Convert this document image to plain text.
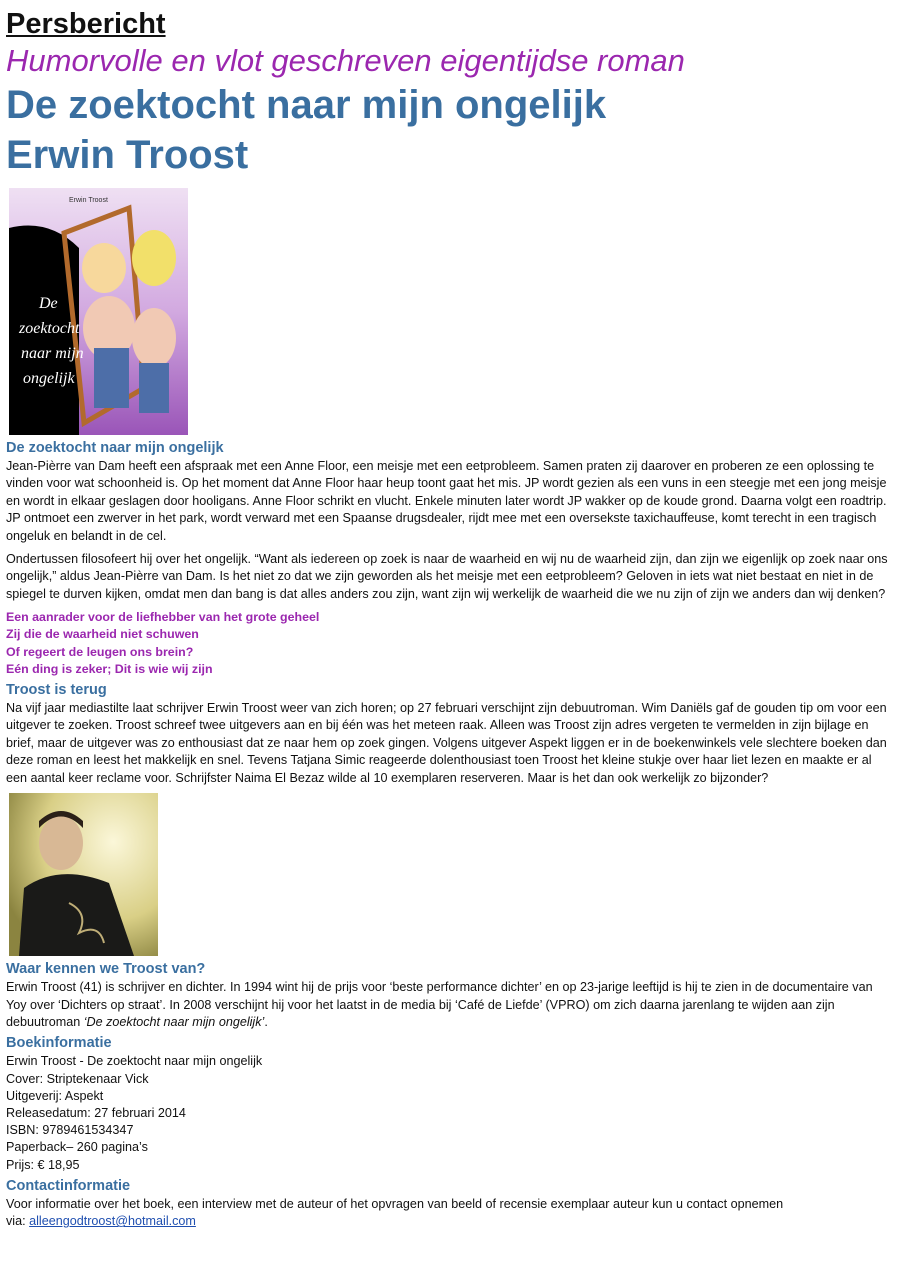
Persbericht
Humorvolle en vlot geschreven eigentijdse roman
De zoektocht naar mijn ongelijk
Erwin Troost
Erwin Troost
De
zoektocht
naar mijn
ongelijk
De zoektocht naar mijn ongelijk

Jean-Pièrre van Dam heeft een afspraak met een Anne Floor, een meisje met een eetprobleem. Samen praten zij daarover en proberen ze een oplossing te vinden voor wat schoonheid is. Op het moment dat Anne Floor haar heup toont gaat het mis. JP wordt gezien als een vuns in een steegje met een jong meisje en wordt in elkaar geslagen door hooligans. Anne Floor schrikt en vlucht. Enkele minuten later wordt JP wakker op de koude grond. Daarna volgt een roadtrip. JP ontmoet een zwerver in het park, wordt verward met een Spaanse drugsdealer, rijdt mee met een oversekste taxichauffeuse, komt terecht in een tragisch ongeluk en belandt in de cel.

Ondertussen filosofeert hij over het ongelijk. “Want als iedereen op zoek is naar de waarheid en wij nu de waarheid zijn, dan zijn we eigenlijk op zoek naar ons ongelijk,” aldus Jean-Pièrre van Dam. Is het niet zo dat we zijn geworden als het meisje met een eetprobleem? Geloven in iets wat niet bestaat en niet in de spiegel te durven kijken, omdat men dan bang is dat alles anders zou zijn, want zijn wij werkelijk de waarheid die we nu zijn of zijn we anders dan wij denken?

Een aanrader voor de liefhebber van het grote geheel

Zij die de waarheid niet schuwen

Of regeert de leugen ons brein?

Eén ding is zeker; Dit is wie wij zijn

Troost is terug

Na vijf jaar mediastilte laat schrijver Erwin Troost weer van zich horen; op 27 februari verschijnt zijn debuutroman. Wim Daniëls gaf de gouden tip om voor een uitgever te zoeken. Troost schreef twee uitgevers aan en bij één was het meteen raak. Alleen was Troost zijn adres vergeten te vermelden in zijn bijlage en brief, maar de uitgever was zo enthousiast dat ze naar hem op zoek gingen. Volgens uitgever Aspekt liggen er in de boekenwinkels vele slechtere boeken dan deze roman en leest het makkelijk en snel. Tevens Tatjana Simic reageerde dolenthousiast toen Troost het kleine stukje over haar liet lezen en maakte er al een aantal keer reclame voor. Schrijfster Naima El Bezaz wilde al 10 exemplaren reserveren. Maar is het dan ook werkelijk zo bijzonder?

Waar kennen we Troost van?

Erwin Troost (41) is schrijver en dichter. In 1994 wint hij de prijs voor ‘beste performance dichter’ en op 23-jarige leeftijd is hij te zien in de documentaire van Yoy over ‘Dichters op straat’. In 2008 verschijnt hij voor het laatst in de media bij ‘Café de Liefde’ (VPRO) om zich daarna jarenlang te wijden aan zijn debuutroman ‘De zoektocht naar mijn ongelijk’.

Boekinformatie

Erwin Troost - De zoektocht naar mijn ongelijk

Cover: Striptekenaar Vick

Uitgeverij: Aspekt

Releasedatum: 27 februari 2014

ISBN: 9789461534347

Paperback– 260 pagina’s

Prijs: € 18,95

Contactinformatie

Voor informatie over het boek, een interview met de auteur of het opvragen van beeld of recensie exemplaar auteur kun u contact opnemen

via: alleengodtroost@hotmail.com
